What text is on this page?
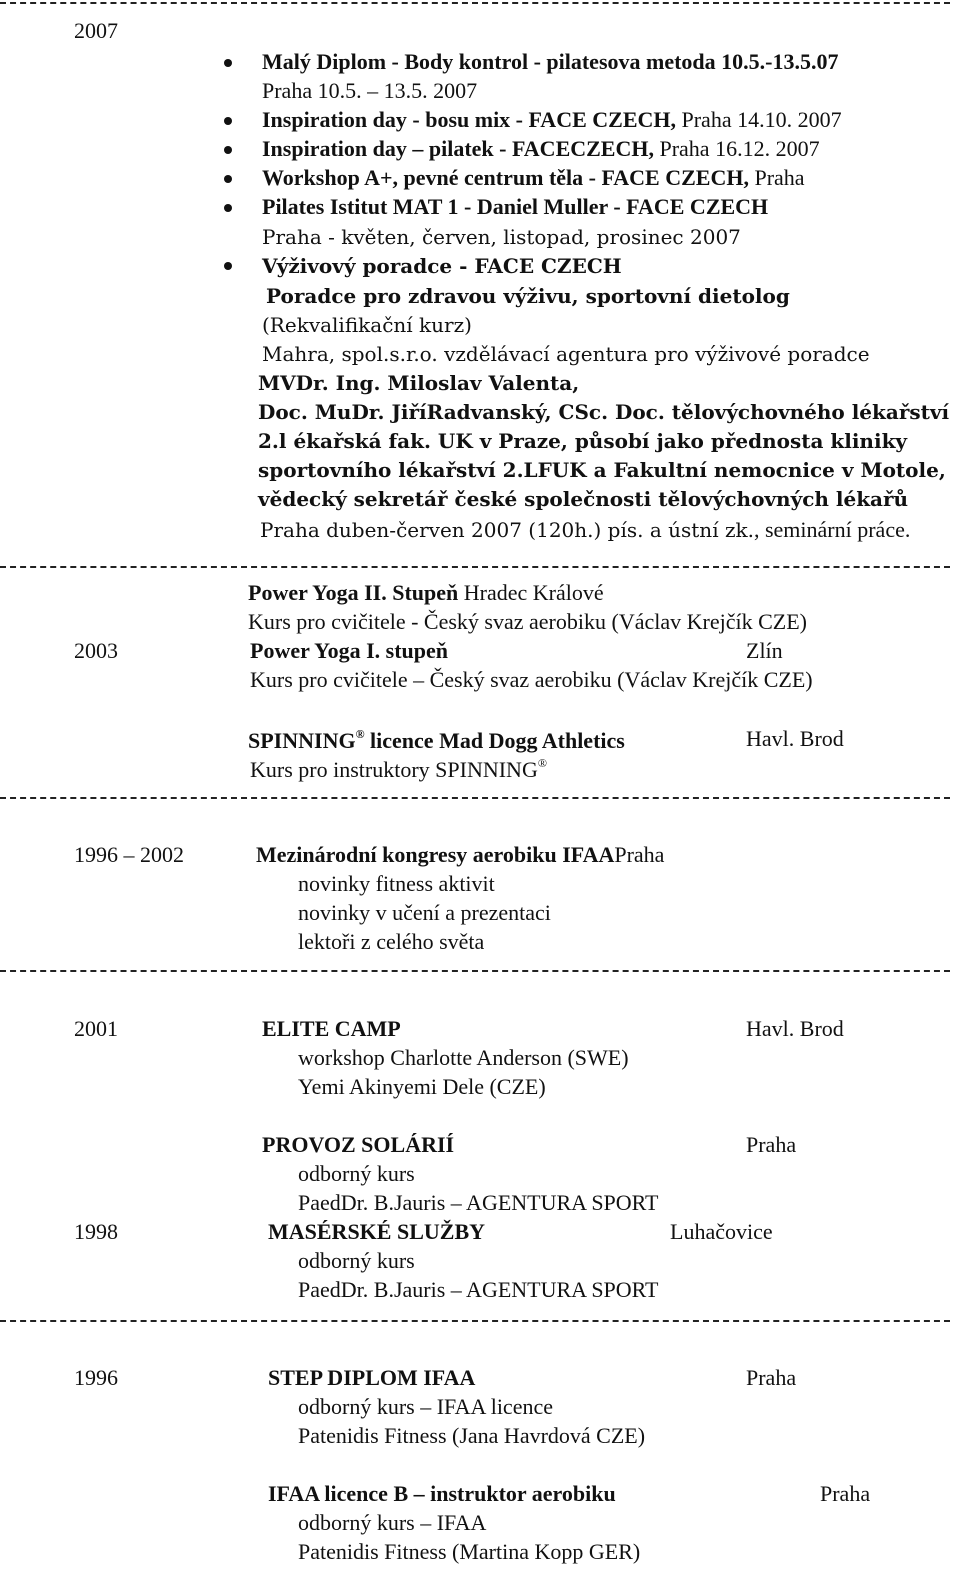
2007
Malý Diplom - Body kontrol - pilatesova metoda 10.5.-13.5.07
Praha 10.5. – 13.5. 2007
Inspiration day - bosu mix - FACE CZECH, Praha 14.10. 2007
Inspiration day – pilatek - FACECZECH, Praha 16.12. 2007
Workshop A+, pevné centrum těla - FACE CZECH, Praha
Pilates Istitut MAT 1 - Daniel Muller - FACE CZECH
Praha - květen, červen, listopad, prosinec 2007
Výživový poradce - FACE CZECH
Poradce pro zdravou výživu, sportovní dietolog
(Rekvalifikační kurz)
Mahra, spol.s.r.o. vzdělávací agentura pro výživové poradce
MVDr. Ing. Miloslav Valenta,
Doc. MuDr. JiříRadvanský, CSc. Doc. tělovýchovného lékařství
2.l ékařská fak. UK v Praze, působí jako přednosta kliniky
sportovního lékařství 2.LFUK a Fakultní nemocnice v Motole,
vědecký sekretář české společnosti tělovýchovných lékařů
Praha duben-červen 2007 (120h.) pís. a ústní zk., seminární práce.
Power Yoga II. Stupeň Hradec Králové
Kurs pro cvičitele - Český svaz aerobiku (Václav Krejčík CZE)
2003	Power Yoga I. stupeň	Zlín
Kurs pro cvičitele – Český svaz aerobiku (Václav Krejčík CZE)
SPINNING® licence Mad Dogg Athletics	Havl. Brod
Kurs pro instruktory SPINNING®
1996 – 2002	Mezinárodní kongresy aerobiku IFAAPraha
novinky fitness aktivit
novinky v učení a prezentaci
lektoři z celého světa
2001	ELITE CAMP	Havl. Brod
workshop Charlotte Anderson (SWE)
Yemi Akinyemi Dele (CZE)
PROVOZ SOLÁRIÍ	Praha
odborný kurs
PaedDr. B.Jauris – AGENTURA SPORT
1998	MASÉRSKÉ SLUŽBY	Luhačovice
odborný kurs
PaedDr. B.Jauris – AGENTURA SPORT
1996	STEP DIPLOM IFAA	Praha
odborný kurs – IFAA licence
Patenidis Fitness (Jana Havrdová CZE)
IFAA licence B – instruktor aerobiku	Praha
odborný kurs – IFAA
Patenidis Fitness (Martina Kopp GER)
